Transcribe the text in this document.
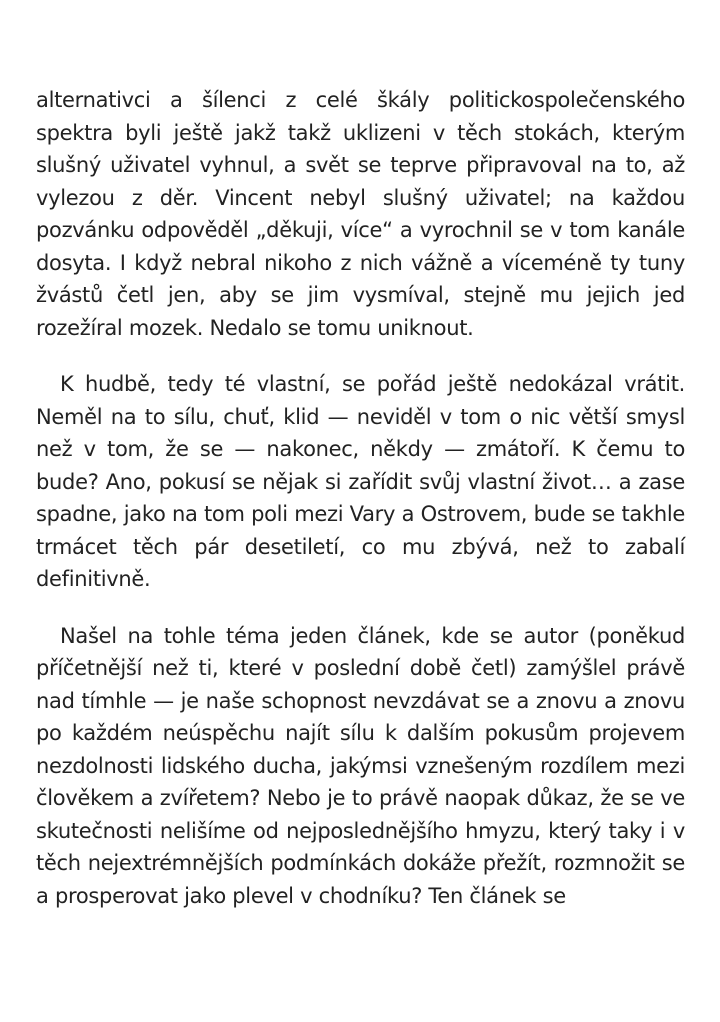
alternativci a šílenci z celé škály politickospolečenského spektra byli ještě jakž takž uklizeni v těch stokách, kterým slušný uživatel vyhnul, a svět se teprve připravoval na to, až vylezou z děr. Vincent nebyl slušný uživatel; na každou pozvánku odpověděl „děkuji, více“ a vyrochnil se v tom kanále dosyta. I když nebral nikoho z nich vážně a víceméně ty tuny žvástů četl jen, aby se jim vysmíval, stejně mu jejich jed rozežíral mozek. Nedalo se tomu uniknout.

K hudbě, tedy té vlastní, se pořád ještě nedokázal vrátit. Neměl na to sílu, chuť, klid — neviděl v tom o nic větší smysl než v tom, že se — nakonec, někdy — zmátoří. K čemu to bude? Ano, pokusí se nějak si zařídit svůj vlastní život… a zase spadne, jako na tom poli mezi Vary a Ostrovem, bude se takhle trmácet těch pár desetiletí, co mu zbývá, než to zabalí definitivně.

Našel na tohle téma jeden článek, kde se autor (poněkud příčetnější než ti, které v poslední době četl) zamýšlel právě nad tímhle — je naše schopnost nevzdávat se a znovu a znovu po každém neúspěchu najít sílu k dalším pokusům projevem nezdolnosti lidského ducha, jakýmsi vznešeným rozdílem mezi člověkem a zvířetem? Nebo je to právě naopak důkaz, že se ve skutečnosti nelišíme od nejposlednějšího hmyzu, který taky i v těch nejextrémnějších podmínkách dokáže přežít, rozmnožit se a prosperovat jako plevel v chodníku? Ten článek se
